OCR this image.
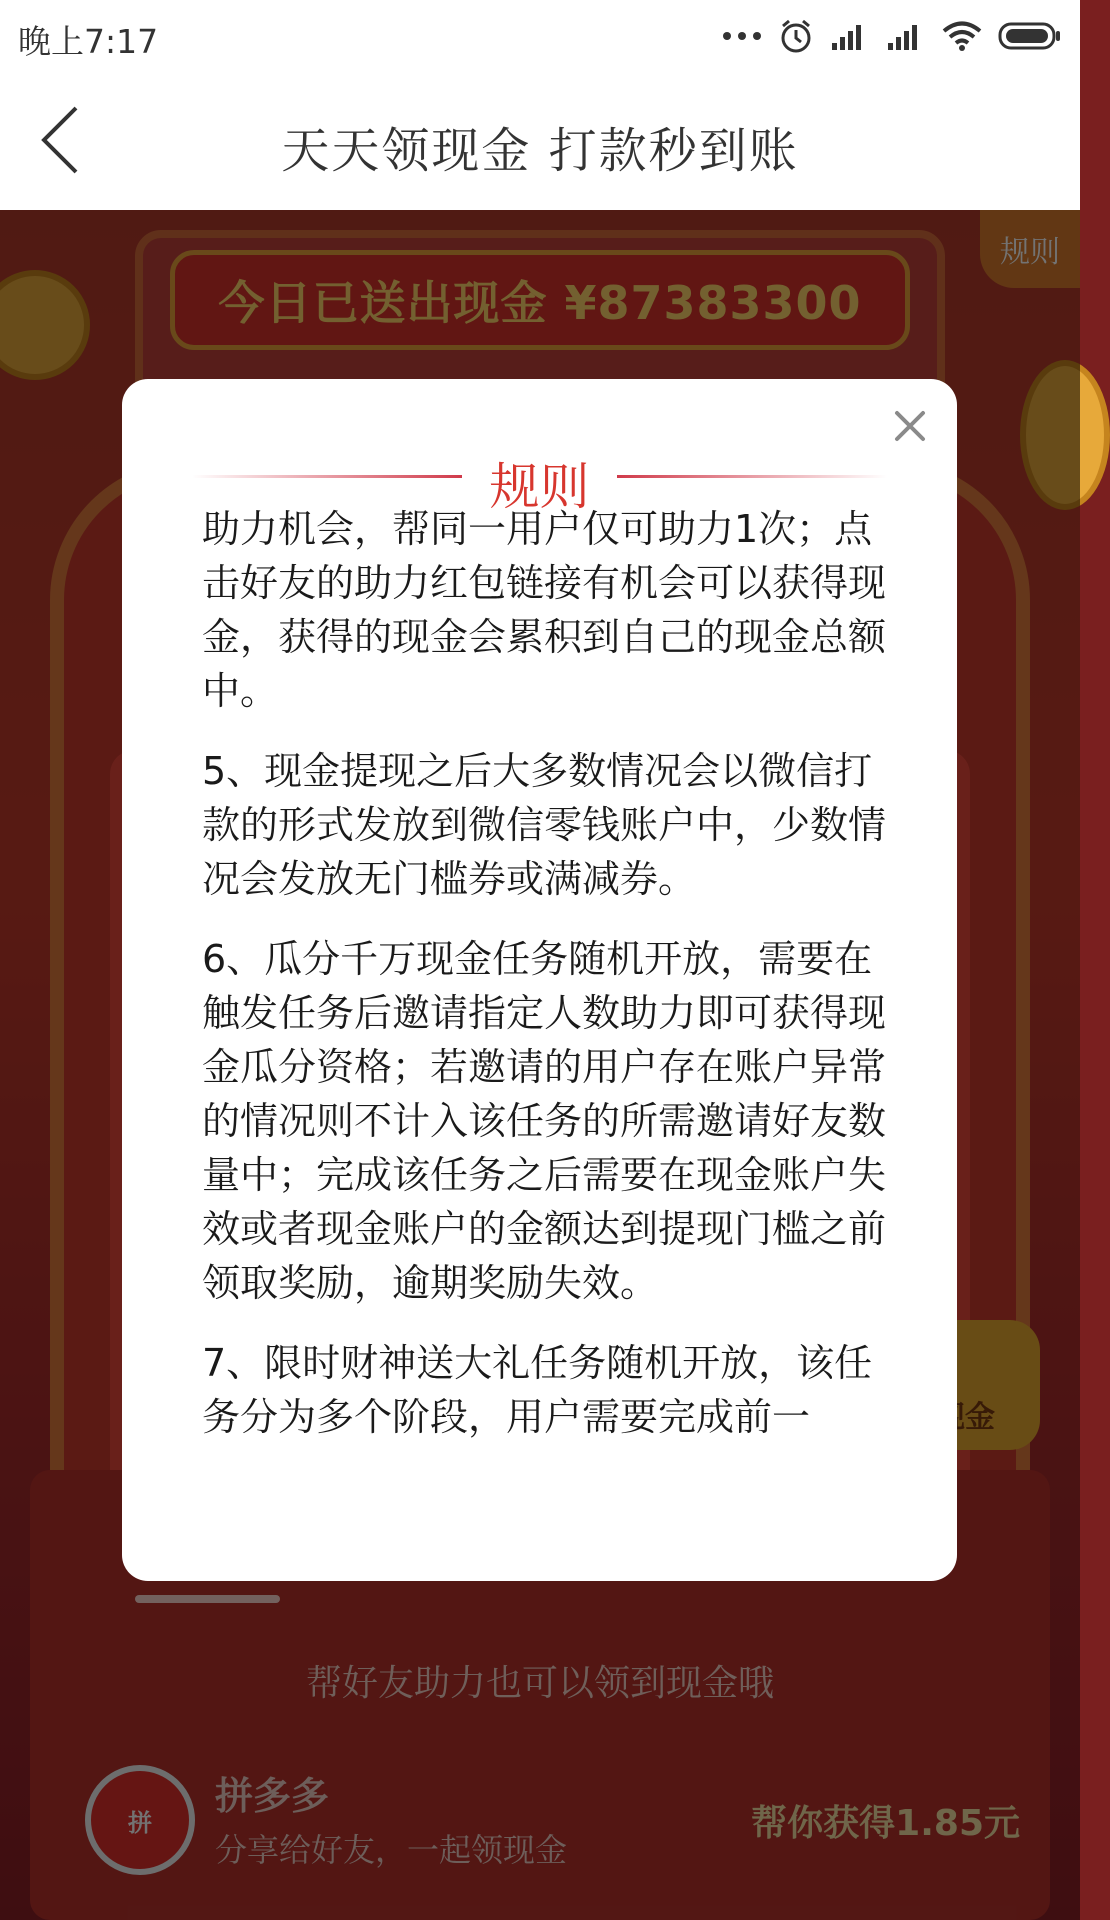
晚上7:17
天天领现金 打款秒到账
规则

助力机会，帮同一用户仅可助力1次；点击好友的助力红包链接有机会可以获得现金，获得的现金会累积到自己的现金总额中。

5、现金提现之后大多数情况会以微信打款的形式发放到微信零钱账户中，少数情况会发放无门槛券或满减券。

6、瓜分千万现金任务随机开放，需要在触发任务后邀请指定人数助力即可获得现金瓜分资格；若邀请的用户存在账户异常的情况则不计入该任务的所需邀请好友数量中；完成该任务之后需要在现金账户失效或者现金账户的金额达到提现门槛之前领取奖励，逾期奖励失效。

7、限时财神送大礼任务随机开放，该任务分为多个阶段，用户需要完成前一
